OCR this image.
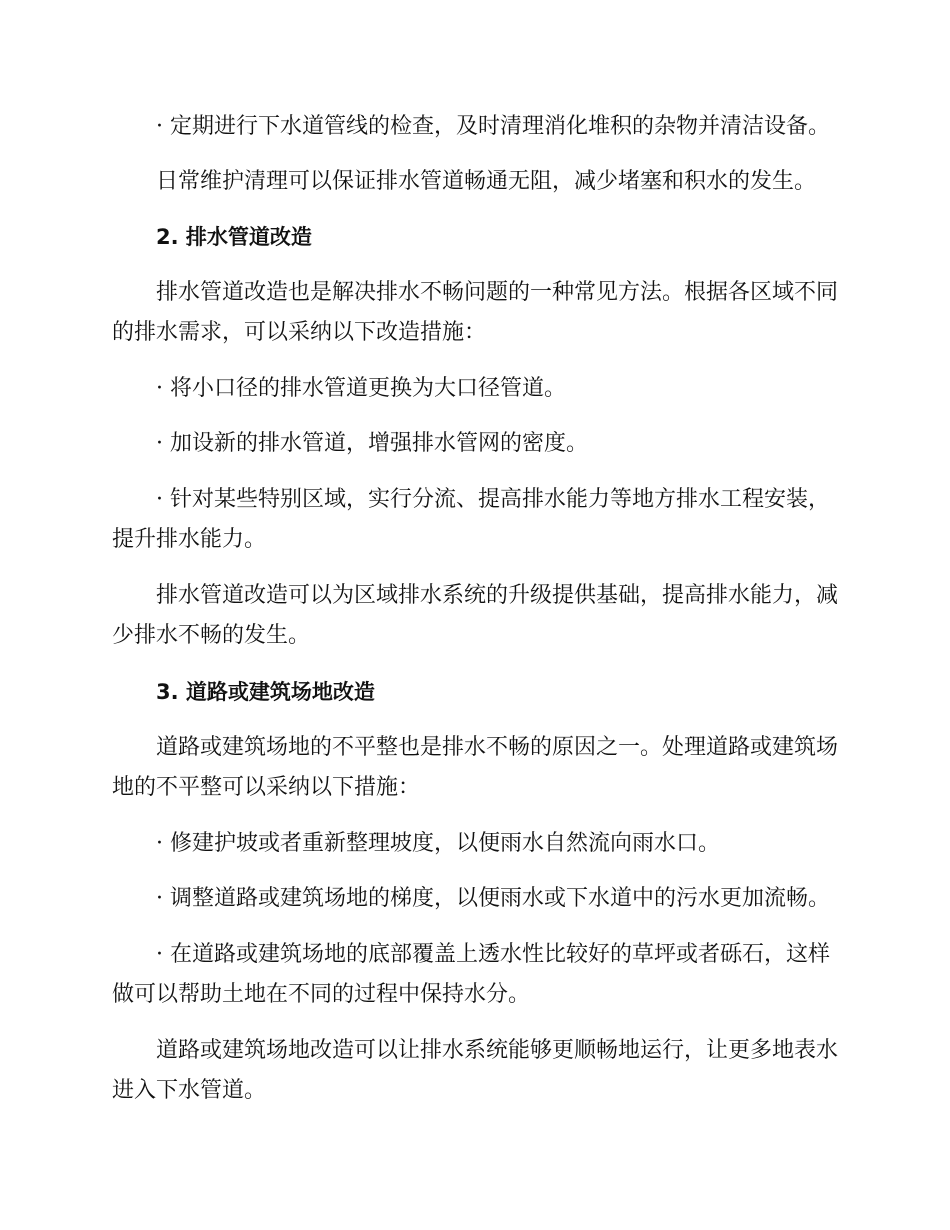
· 定期进行下水道管线的检查，及时清理消化堆积的杂物并清洁设备。
日常维护清理可以保证排水管道畅通无阻，减少堵塞和积水的发生。
2. 排水管道改造
排水管道改造也是解决排水不畅问题的一种常见方法。根据各区域不同
的排水需求，可以采纳以下改造措施：
· 将小口径的排水管道更换为大口径管道。
· 加设新的排水管道，增强排水管网的密度。
· 针对某些特别区域，实行分流、提高排水能力等地方排水工程安装，
提升排水能力。
排水管道改造可以为区域排水系统的升级提供基础，提高排水能力，减
少排水不畅的发生。
3. 道路或建筑场地改造
道路或建筑场地的不平整也是排水不畅的原因之一。处理道路或建筑场
地的不平整可以采纳以下措施：
· 修建护坡或者重新整理坡度，以便雨水自然流向雨水口。
· 调整道路或建筑场地的梯度，以便雨水或下水道中的污水更加流畅。
· 在道路或建筑场地的底部覆盖上透水性比较好的草坪或者砾石，这样
做可以帮助土地在不同的过程中保持水分。
道路或建筑场地改造可以让排水系统能够更顺畅地运行，让更多地表水
进入下水管道。
